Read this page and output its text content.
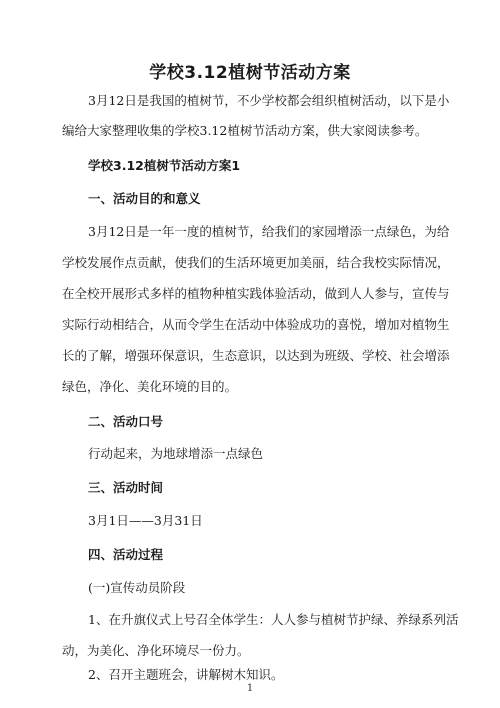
学校3.12植树节活动方案
3月12日是我国的植树节，不少学校都会组织植树活动，以下是小
编给大家整理收集的学校3.12植树节活动方案，供大家阅读参考。
学校3.12植树节活动方案1
一、活动目的和意义
3月12日是一年一度的植树节，给我们的家园增添一点绿色，为给
学校发展作点贡献，使我们的生活环境更加美丽，结合我校实际情况，
在全校开展形式多样的植物种植实践体验活动，做到人人参与，宣传与
实际行动相结合，从而令学生在活动中体验成功的喜悦，增加对植物生
长的了解，增强环保意识，生态意识，以达到为班级、学校、社会增添
绿色，净化、美化环境的目的。
二、活动口号
行动起来，为地球增添一点绿色
三、活动时间
3月1日——3月31日
四、活动过程
(一)宣传动员阶段
1、在升旗仪式上号召全体学生：人人参与植树节护绿、养绿系列活
动，为美化、净化环境尽一份力。
2、召开主题班会，讲解树木知识。
1
